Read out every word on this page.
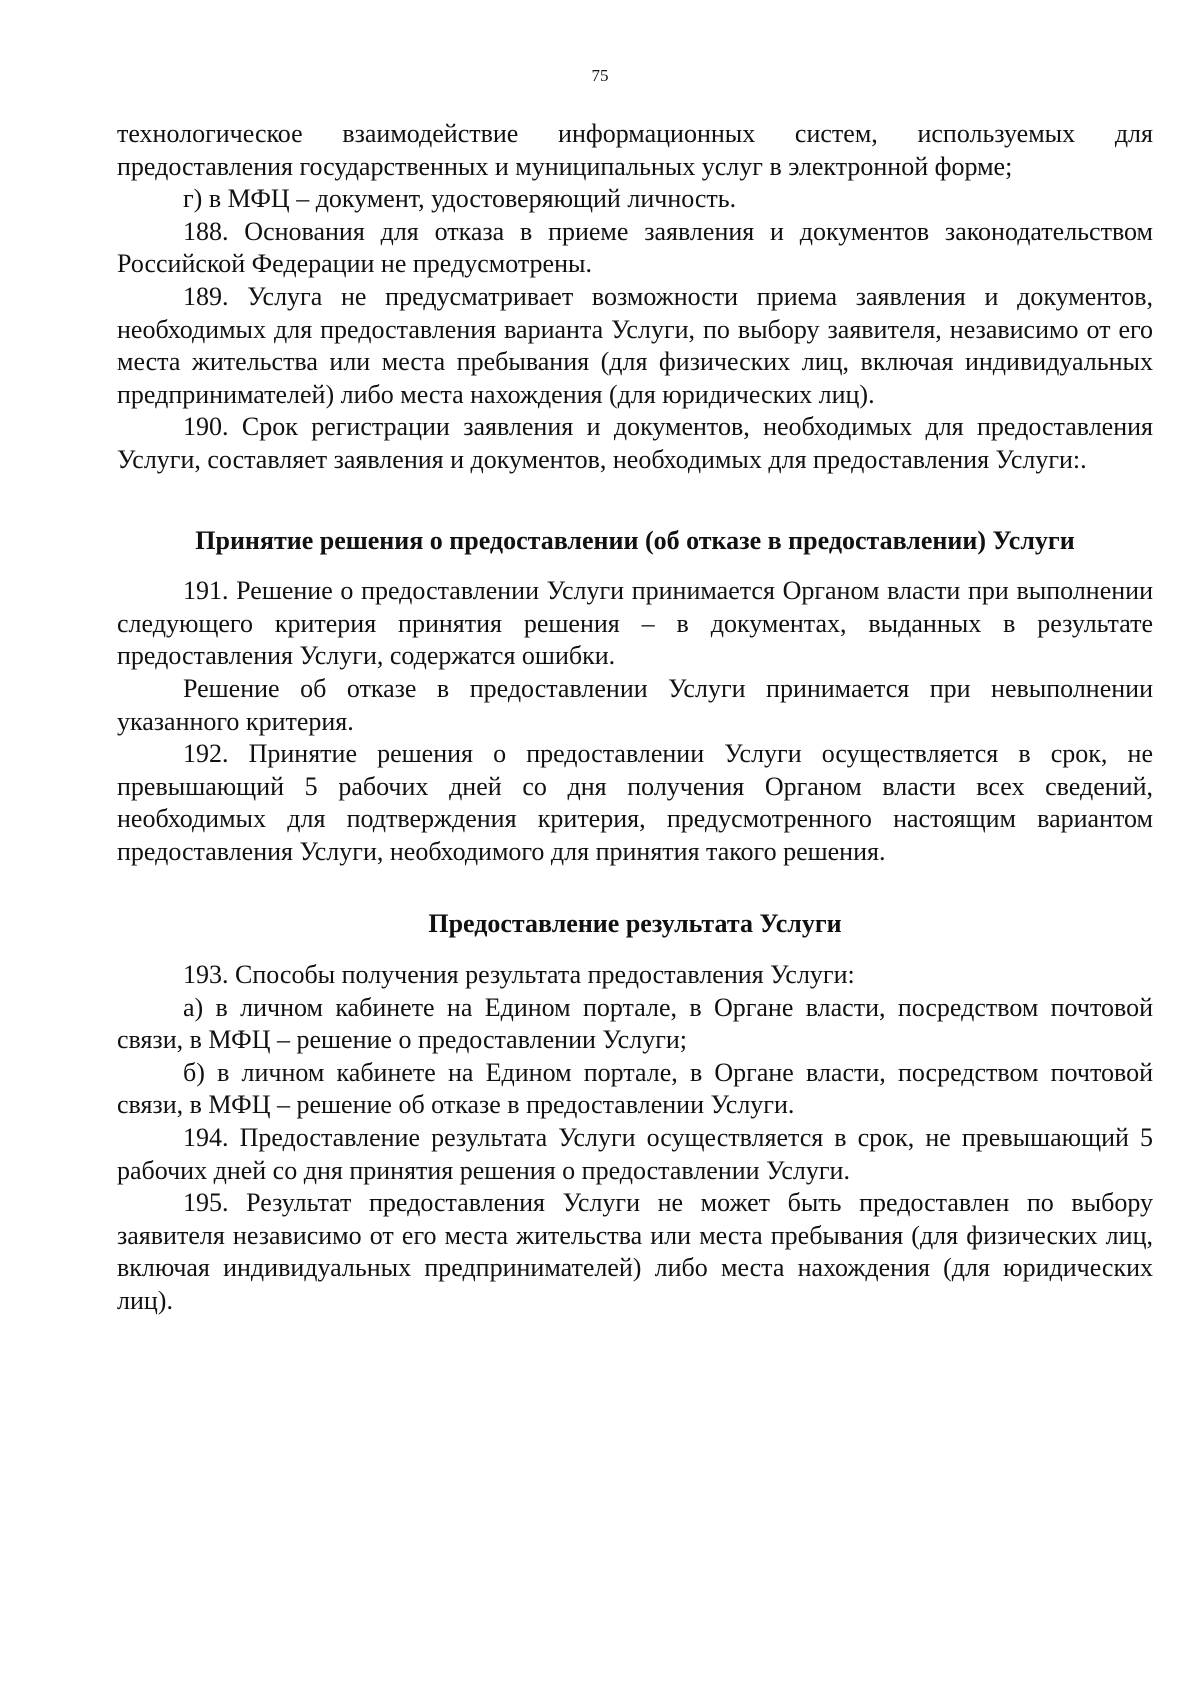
75

технологическое взаимодействие информационных систем, используемых для предоставления государственных и муниципальных услуг в электронной форме;

г) в МФЦ – документ, удостоверяющий личность.

188. Основания для отказа в приеме заявления и документов законодательством Российской Федерации не предусмотрены.

189. Услуга не предусматривает возможности приема заявления и документов, необходимых для предоставления варианта Услуги, по выбору заявителя, независимо от его места жительства или места пребывания (для физических лиц, включая индивидуальных предпринимателей) либо места нахождения (для юридических лиц).

190. Срок регистрации заявления и документов, необходимых для предоставления Услуги, составляет заявления и документов, необходимых для предоставления Услуги:.

Принятие решения о предоставлении (об отказе в предоставлении) Услуги

191. Решение о предоставлении Услуги принимается Органом власти при выполнении следующего критерия принятия решения – в документах, выданных в результате предоставления Услуги, содержатся ошибки.

Решение об отказе в предоставлении Услуги принимается при невыполнении указанного критерия.

192. Принятие решения о предоставлении Услуги осуществляется в срок, не превышающий 5 рабочих дней со дня получения Органом власти всех сведений, необходимых для подтверждения критерия, предусмотренного настоящим вариантом предоставления Услуги, необходимого для принятия такого решения.

Предоставление результата Услуги

193. Способы получения результата предоставления Услуги:

а) в личном кабинете на Едином портале, в Органе власти, посредством почтовой связи, в МФЦ – решение о предоставлении Услуги;

б) в личном кабинете на Едином портале, в Органе власти, посредством почтовой связи, в МФЦ – решение об отказе в предоставлении Услуги.

194. Предоставление результата Услуги осуществляется в срок, не превышающий 5 рабочих дней со дня принятия решения о предоставлении Услуги.

195. Результат предоставления Услуги не может быть предоставлен по выбору заявителя независимо от его места жительства или места пребывания (для физических лиц, включая индивидуальных предпринимателей) либо места нахождения (для юридических лиц).
